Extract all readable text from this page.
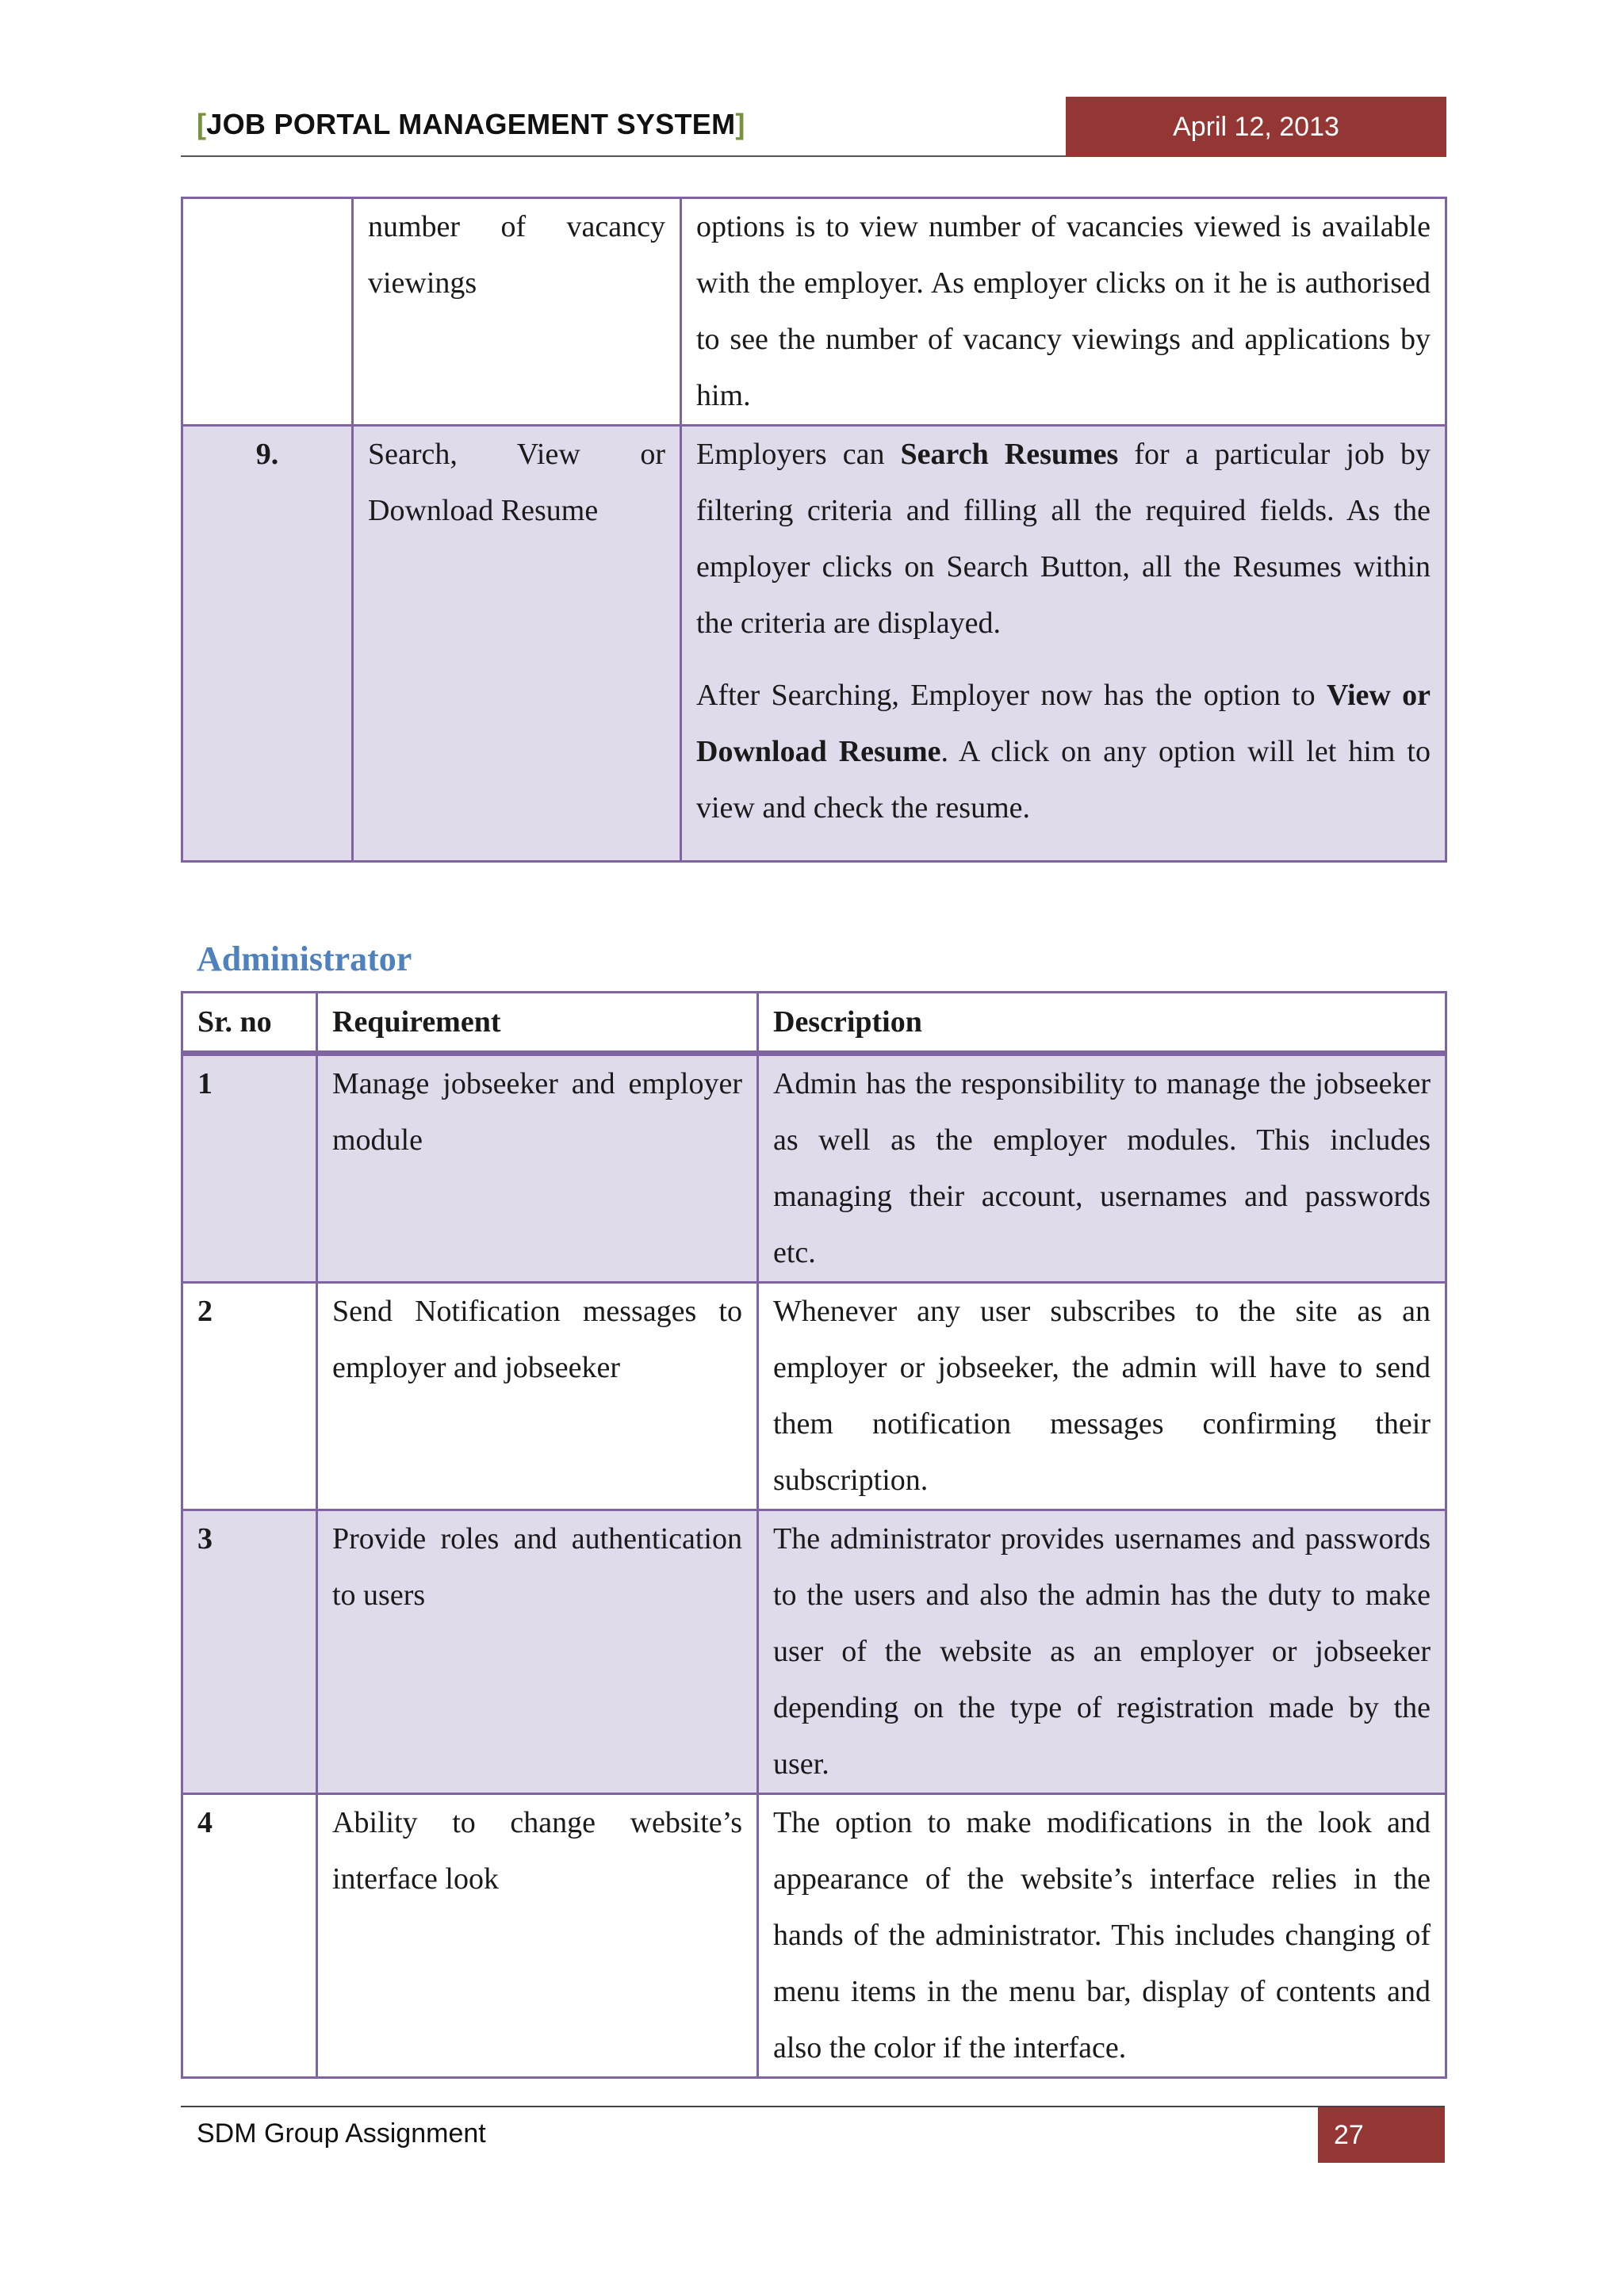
[JOB PORTAL MANAGEMENT SYSTEM]	April 12, 2013
	number of vacancy viewings	options is to view number of vacancies viewed is available with the employer. As employer clicks on it he is authorised to see the number of vacancy viewings and applications by him.

9.	Search, View or Download Resume	Employers can Search Resumes for a particular job by filtering criteria and filling all the required fields. As the employer clicks on Search Button, all the Resumes within the criteria are displayed.

After Searching, Employer now has the option to View or Download Resume. A click on any option will let him to view and check the resume.

Administrator
Sr. no	Requirement	Description
1	Manage jobseeker and employer module	Admin has the responsibility to manage the jobseeker as well as the employer modules. This includes managing their account, usernames and passwords etc.
2	Send Notification messages to employer and jobseeker	Whenever any user subscribes to the site as an employer or jobseeker, the admin will have to send them notification messages confirming their subscription.
3	Provide roles and authentication to users	The administrator provides usernames and passwords to the users and also the admin has the duty to make user of the website as an employer or jobseeker depending on the type of registration made by the user.
4	Ability to change website’s interface look	The option to make modifications in the look and appearance of the website’s interface relies in the hands of the administrator. This includes changing of menu items in the menu bar, display of contents and also the color if the interface.
SDM Group Assignment	27
